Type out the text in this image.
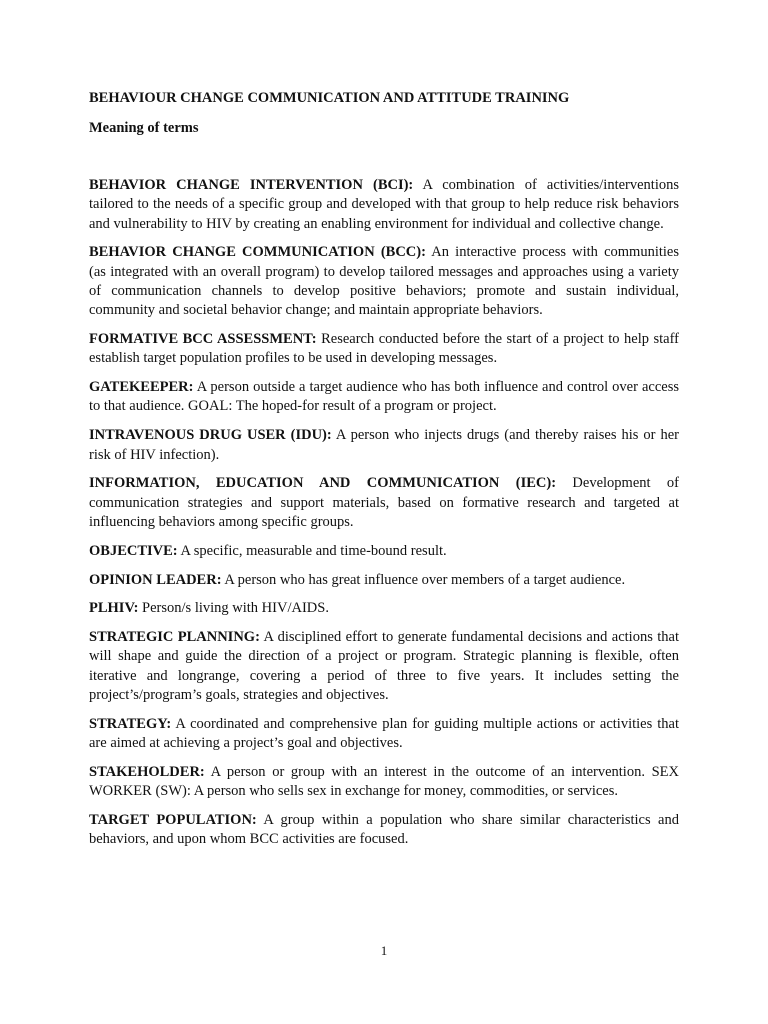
BEHAVIOUR CHANGE COMMUNICATION AND ATTITUDE TRAINING
Meaning of terms
BEHAVIOR CHANGE INTERVENTION (BCI): A combination of activities/interventions tailored to the needs of a specific group and developed with that group to help reduce risk behaviors and vulnerability to HIV by creating an enabling environment for individual and collective change.
BEHAVIOR CHANGE COMMUNICATION (BCC): An interactive process with communities (as integrated with an overall program) to develop tailored messages and approaches using a variety of communication channels to develop positive behaviors; promote and sustain individual, community and societal behavior change; and maintain appropriate behaviors.
FORMATIVE BCC ASSESSMENT: Research conducted before the start of a project to help staff establish target population profiles to be used in developing messages.
GATEKEEPER: A person outside a target audience who has both influence and control over access to that audience. GOAL: The hoped-for result of a program or project.
INTRAVENOUS DRUG USER (IDU): A person who injects drugs (and thereby raises his or her risk of HIV infection).
INFORMATION, EDUCATION AND COMMUNICATION (IEC): Development of communication strategies and support materials, based on formative research and targeted at influencing behaviors among specific groups.
OBJECTIVE: A specific, measurable and time-bound result.
OPINION LEADER: A person who has great influence over members of a target audience.
PLHIV: Person/s living with HIV/AIDS.
STRATEGIC PLANNING: A disciplined effort to generate fundamental decisions and actions that will shape and guide the direction of a project or program. Strategic planning is flexible, often iterative and longrange, covering a period of three to five years. It includes setting the project’s/program’s goals, strategies and objectives.
STRATEGY: A coordinated and comprehensive plan for guiding multiple actions or activities that are aimed at achieving a project’s goal and objectives.
STAKEHOLDER: A person or group with an interest in the outcome of an intervention. SEX WORKER (SW): A person who sells sex in exchange for money, commodities, or services.
TARGET POPULATION: A group within a population who share similar characteristics and behaviors, and upon whom BCC activities are focused.
1
